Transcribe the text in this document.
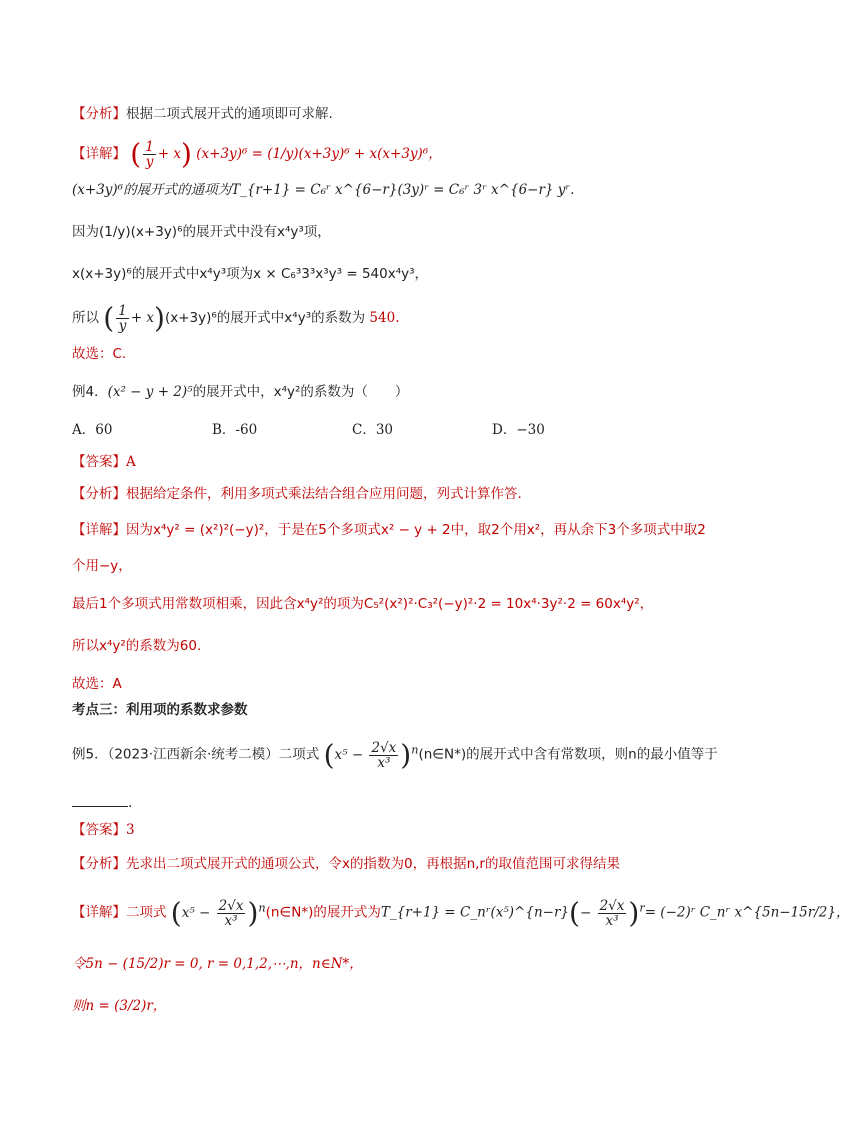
【分析】根据二项式展开式的通项即可求解.
【详解】 ( $\frac{1}{y} + x$) (x+3y)⁶ = (1/y)(x+3y)⁶ + x(x+3y)⁶，
(x+3y)⁶的展开式的通项为T_{r+1} = C₆ʳ x^{6−r}(3y)ʳ = C₆ʳ 3ʳ x^{6−r} yʳ.
因为(1/y)(x+3y)⁶的展开式中没有x⁴y³项，
x(x+3y)⁶的展开式中x⁴y³项为x × C₆³3³x³y³ = 540x⁴y³，
所以 ( $\frac{1}{y} + x)(x+3y)^6$的展开式中x⁴y³的系数为 540.
故选：C.
例4．(x² − y + 2)⁵的展开式中，x⁴y²的系数为（　　）
A．60	B．-60	C．30	D．−30
【答案】A
【分析】根据给定条件，利用多项式乘法结合组合应用问题，列式计算作答.
【详解】因为x⁴y² = (x²)²(−y)²，于是在5个多项式x² − y + 2中，取2个用x²，再从余下3个多项式中取2
个用−y，
最后1个多项式用常数项相乘，因此含x⁴y²的项为C₅²(x²)²·C₃²(−y)²·2 = 10x⁴·3y²·2 = 60x⁴y²，
所以x⁴y²的系数为60.
故选：A
考点三：利用项的系数求参数
例5．（2023·江西新余·统考二模）二项式 ($x^5 - \frac{2√x}{\text{x³}}$ )$^n(n\in N*)$的展开式中含有常数项，则n的最小值等于
.
【答案】3
【分析】先求出二项式展开式的通项公式，令x的指数为0，再根据n,r的取值范围可求得结果
【详解】二项式 ($x^5 - \frac{2√x}{\text{x³}}$ )$^n(n\in N*)$的展开式为T_{r+1} = C_nʳ(x⁵)^{n−r}(− $\frac{2√x}{\text{x³}} )^r=$ (−2)ʳ C_nʳ x^{5n−15r/2}，
令5n − (15/2)r = 0, r = 0,1,2,⋯,n，n∈N*，
则n = (3/2)r，
